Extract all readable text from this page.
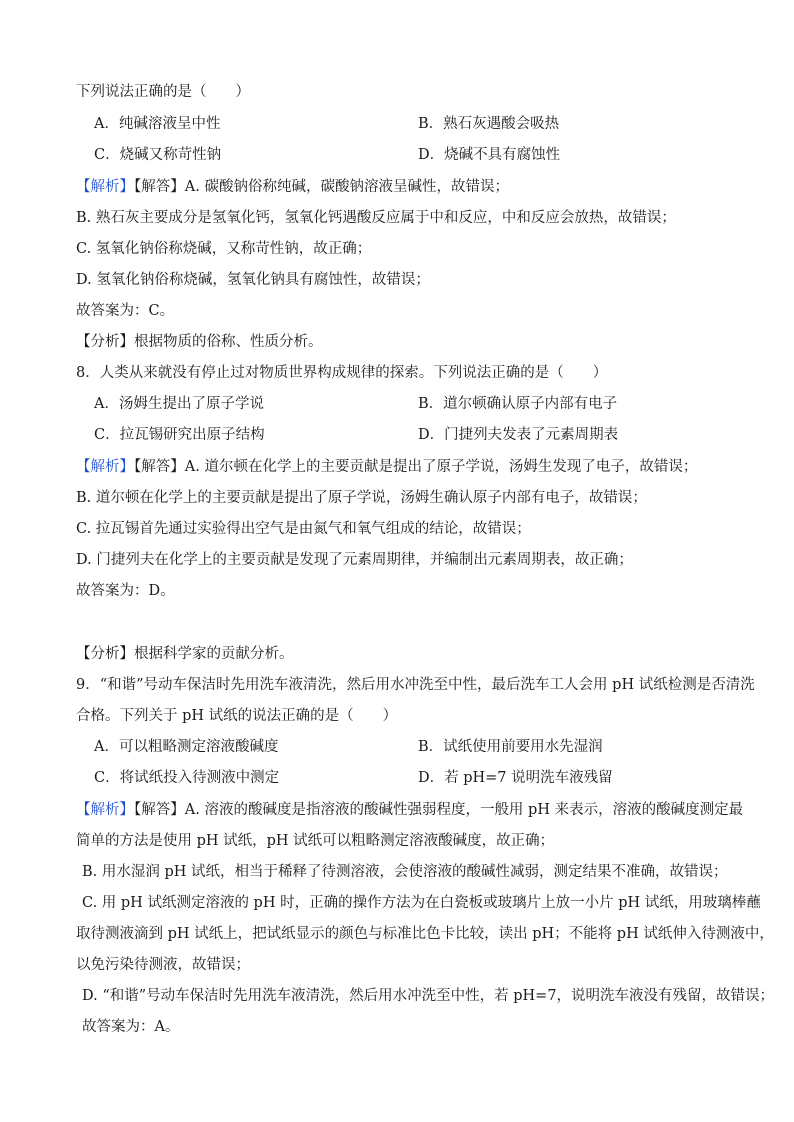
下列说法正确的是（　　）
A．纯碱溶液呈中性	B．熟石灰遇酸会吸热
C．烧碱又称苛性钠	D．烧碱不具有腐蚀性
【解析】【解答】A. 碳酸钠俗称纯碱，碳酸钠溶液呈碱性，故错误；
B. 熟石灰主要成分是氢氧化钙，氢氧化钙遇酸反应属于中和反应，中和反应会放热，故错误；
C. 氢氧化钠俗称烧碱，又称苛性钠，故正确；
D. 氢氧化钠俗称烧碱，氢氧化钠具有腐蚀性，故错误；
故答案为：C。
【分析】根据物质的俗称、性质分析。
8．人类从来就没有停止过对物质世界构成规律的探索。下列说法正确的是（　　）
A．汤姆生提出了原子学说	B．道尔顿确认原子内部有电子
C．拉瓦锡研究出原子结构	D．门捷列夫发表了元素周期表
【解析】【解答】A. 道尔顿在化学上的主要贡献是提出了原子学说，汤姆生发现了电子，故错误；
B. 道尔顿在化学上的主要贡献是提出了原子学说，汤姆生确认原子内部有电子，故错误；
C. 拉瓦锡首先通过实验得出空气是由氮气和氧气组成的结论，故错误；
D. 门捷列夫在化学上的主要贡献是发现了元素周期律，并编制出元素周期表，故正确；
故答案为：D。
【分析】根据科学家的贡献分析。
9．“和谐”号动车保洁时先用洗车液清洗，然后用水冲洗至中性，最后洗车工人会用 pH 试纸检测是否清洗
合格。下列关于 pH 试纸的说法正确的是（　　）
A．可以粗略测定溶液酸碱度	B．试纸使用前要用水先湿润
C．将试纸投入待测液中测定	D．若 pH=7 说明洗车液残留
【解析】【解答】A. 溶液的酸碱度是指溶液的酸碱性强弱程度，一般用 pH 来表示，溶液的酸碱度测定最
简单的方法是使用 pH 试纸，pH 试纸可以粗略测定溶液酸碱度，故正确；
B. 用水湿润 pH 试纸，相当于稀释了待测溶液，会使溶液的酸碱性减弱，测定结果不准确，故错误；
C. 用 pH 试纸测定溶液的 pH 时，正确的操作方法为在白瓷板或玻璃片上放一小片 pH 试纸，用玻璃棒蘸
取待测液滴到 pH 试纸上，把试纸显示的颜色与标准比色卡比较，读出 pH；不能将 pH 试纸伸入待测液中，
以免污染待测液，故错误；
D. “和谐”号动车保洁时先用洗车液清洗，然后用水冲洗至中性，若 pH=7，说明洗车液没有残留，故错误；
故答案为：A。
